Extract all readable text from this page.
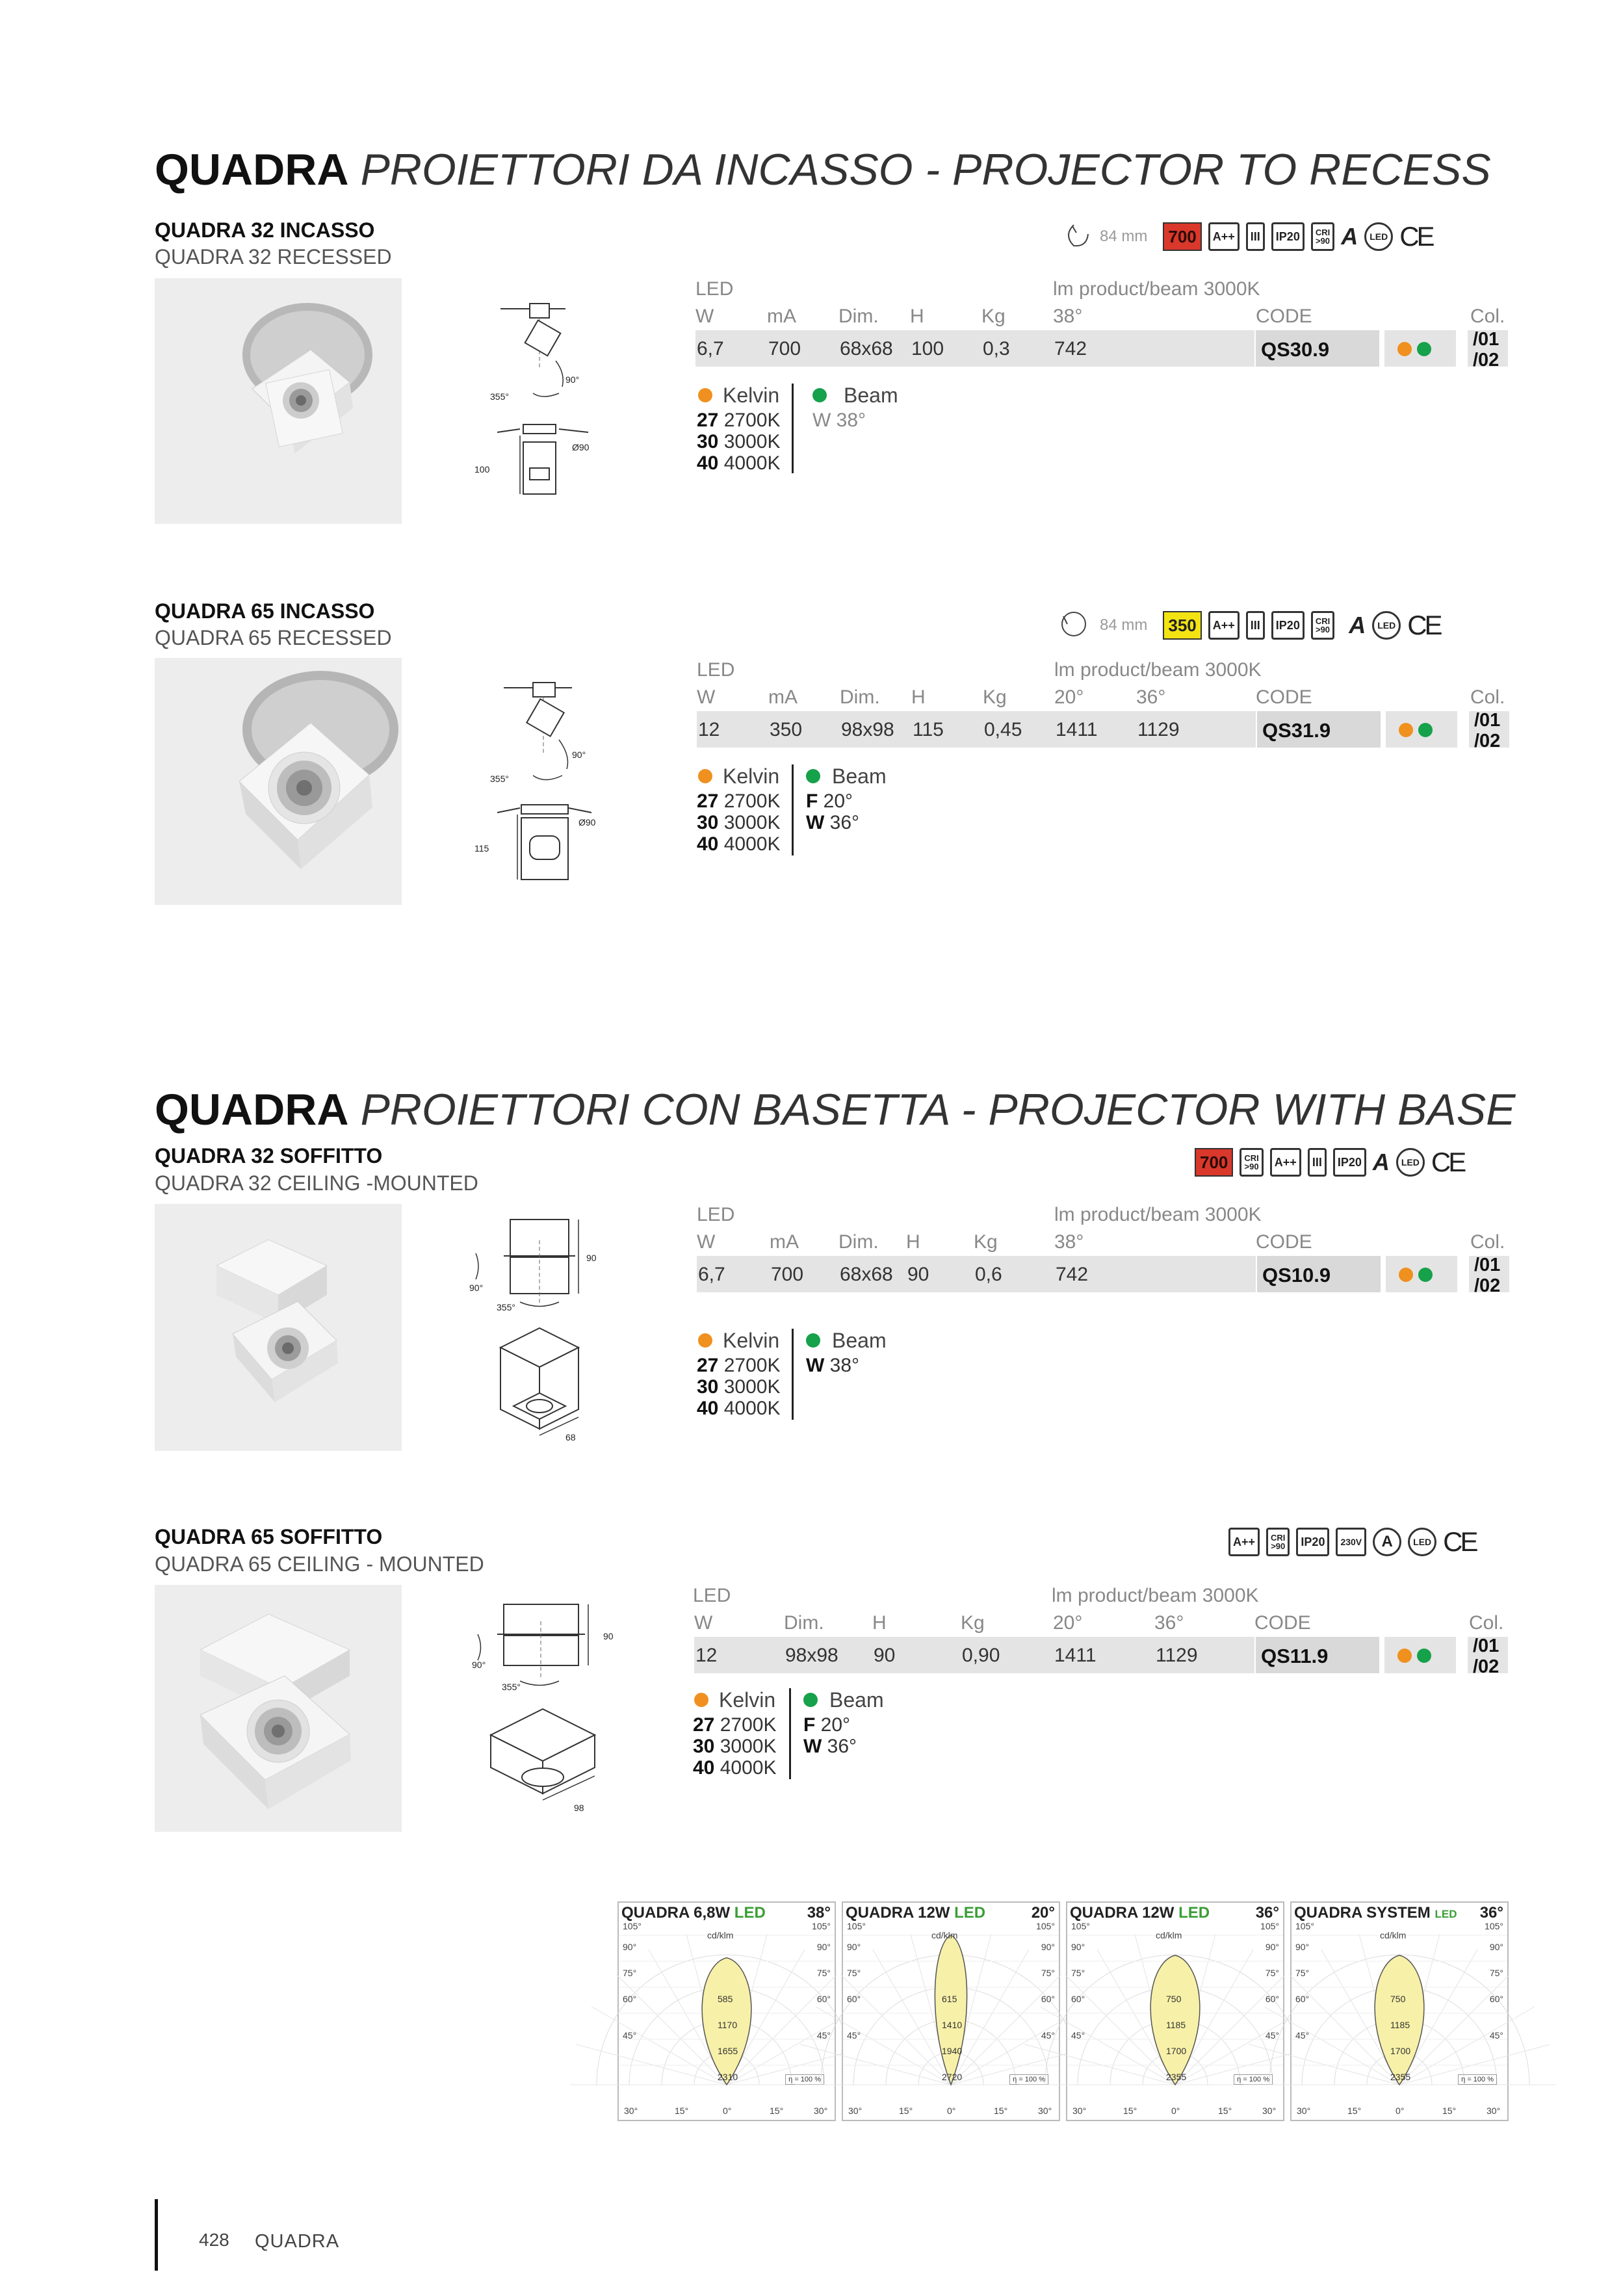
QUADRA PROIETTORI DA INCASSO - PROJECTOR TO RECESS
QUADRA 32 INCASSO
QUADRA 32 RECESSED
90°
355°
Ø90
100
84 mm	700	A++	III	IP20	CRI
>90 A	LED CE
LED	lm product/beam 3000K
W	mA Dim. H	Kg 38°	CODE	Col.
6,7 700 68x68 100 0,3 742	QS30.9	/01
/02
Kelvin
27 2700K
30 3000K
40 4000K
Beam
W 38°
QUADRA 65 INCASSO
QUADRA 65 RECESSED
90°
355°
Ø90
115
84 mm	350	A++	III	IP20	CRI
>90 A	LED CE
LED	lm product/beam 3000K
W	mA Dim. H	Kg 20°	36°	CODE	Col.
12	350 98x98 115 0,45 1411 1129	QS31.9	/01
/02
Kelvin
27 2700K
30 3000K
40 4000K
Beam
F 20°
W 36°
QUADRA PROIETTORI CON BASETTA - PROJECTOR WITH BASE
QUADRA 32 SOFFITTO
QUADRA 32 CEILING -MOUNTED
90
90°
355°
68
700	CRI
>90	A++	III	IP20 A	LED CE
LED	lm product/beam 3000K
W	mA Dim. H	Kg	38°	CODE	Col.
6,7 700 68x68 90 0,6	742	QS10.9	/01
/02
Kelvin
27 2700K
30 3000K
40 4000K
Beam
W 38°
QUADRA 65 SOFFITTO
QUADRA 65 CEILING - MOUNTED
90
90°
355°
98
A++	CRI
>90	IP20	230V	A	LED CE
LED	lm product/beam 3000K
W	Dim. H	Kg	20°	36°	CODE	Col.
12	98x98 90	0,90	1411	1129	QS11.9	/01
/02
Kelvin
27 2700K
30 3000K
40 4000K
Beam
F 20°
W 36°
QUADRA 6,8W LED	38°
cd/klm
105°	105°
90°	90°
75°	75°
60°	60°
45°	45°
30°	15°	0°	15°	30°
585
1170
1655
2310	η = 100 %
QUADRA 12W LED	20°
cd/klm
105°	105°
90°	90°
75°	75°
60°	60°
45°	45°
30°	15°	0°	15°	30°
615
1410
1940
2720	η = 100 %
QUADRA 12W LED	36°
cd/klm
105°	105°
90°	90°
75°	75°
60°	60°
45°	45°
30°	15°	0°	15°	30°
750
1185
1700
2355	η = 100 %
QUADRA SYSTEM LED 36°
cd/klm
105°	105°
90°	90°
75°	75°
60°	60°
45°	45°
30°	15°	0°	15°	30°
750
1185
1700
2355	η = 100 %
428 QUADRA
